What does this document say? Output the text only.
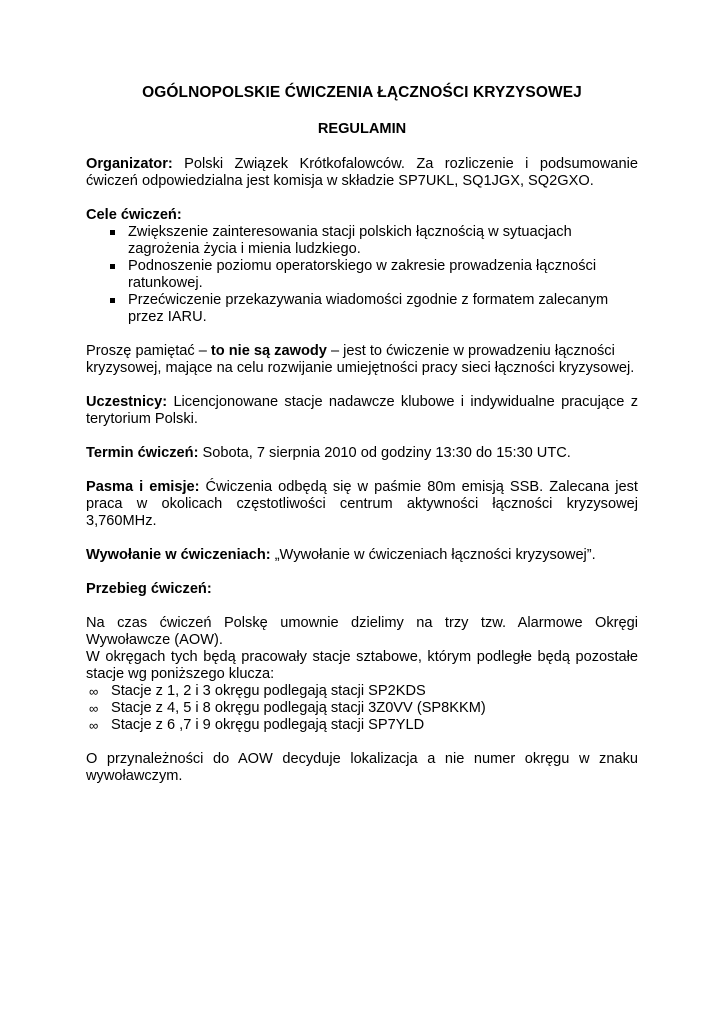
OGÓLNOPOLSKIE ĆWICZENIA ŁĄCZNOŚCI KRYZYSOWEJ
REGULAMIN

Organizator: Polski Związek Krótkofalowców. Za rozliczenie i podsumowanie ćwiczeń odpowiedzialna jest komisja w składzie SP7UKL, SQ1JGX, SQ2GXO.

Cele ćwiczeń:

Zwiększenie zainteresowania stacji polskich łącznością w sytuacjach zagrożenia życia i mienia ludzkiego.
Podnoszenie poziomu operatorskiego w zakresie prowadzenia łączności ratunkowej.
Przećwiczenie przekazywania wiadomości zgodnie z formatem zalecanym przez IARU.

Proszę pamiętać – to nie są zawody – jest to ćwiczenie w prowadzeniu łączności kryzysowej, mające na celu rozwijanie umiejętności pracy sieci łączności kryzysowej.

Uczestnicy: Licencjonowane stacje nadawcze klubowe i indywidualne pracujące z terytorium Polski.

Termin ćwiczeń: Sobota, 7 sierpnia 2010 od godziny 13:30 do 15:30 UTC.

Pasma i emisje: Ćwiczenia odbędą się w paśmie 80m emisją SSB. Zalecana jest praca w okolicach częstotliwości centrum aktywności łączności kryzysowej 3,760MHz.

Wywołanie w ćwiczeniach: „Wywołanie w ćwiczeniach łączności kryzysowej”.

Przebieg ćwiczeń:

Na czas ćwiczeń Polskę umownie dzielimy na trzy tzw. Alarmowe Okręgi Wywoławcze (AOW).

W okręgach tych będą pracowały stacje sztabowe, którym podległe będą pozostałe stacje wg poniższego klucza:

∞ Stacje z 1, 2 i 3 okręgu podlegają stacji SP2KDS
∞ Stacje z 4, 5 i 8 okręgu podlegają stacji 3Z0VV (SP8KKM)
∞ Stacje z 6 ,7 i 9 okręgu podlegają stacji SP7YLD

O przynależności do AOW decyduje lokalizacja a nie numer okręgu w znaku wywoławczym.
